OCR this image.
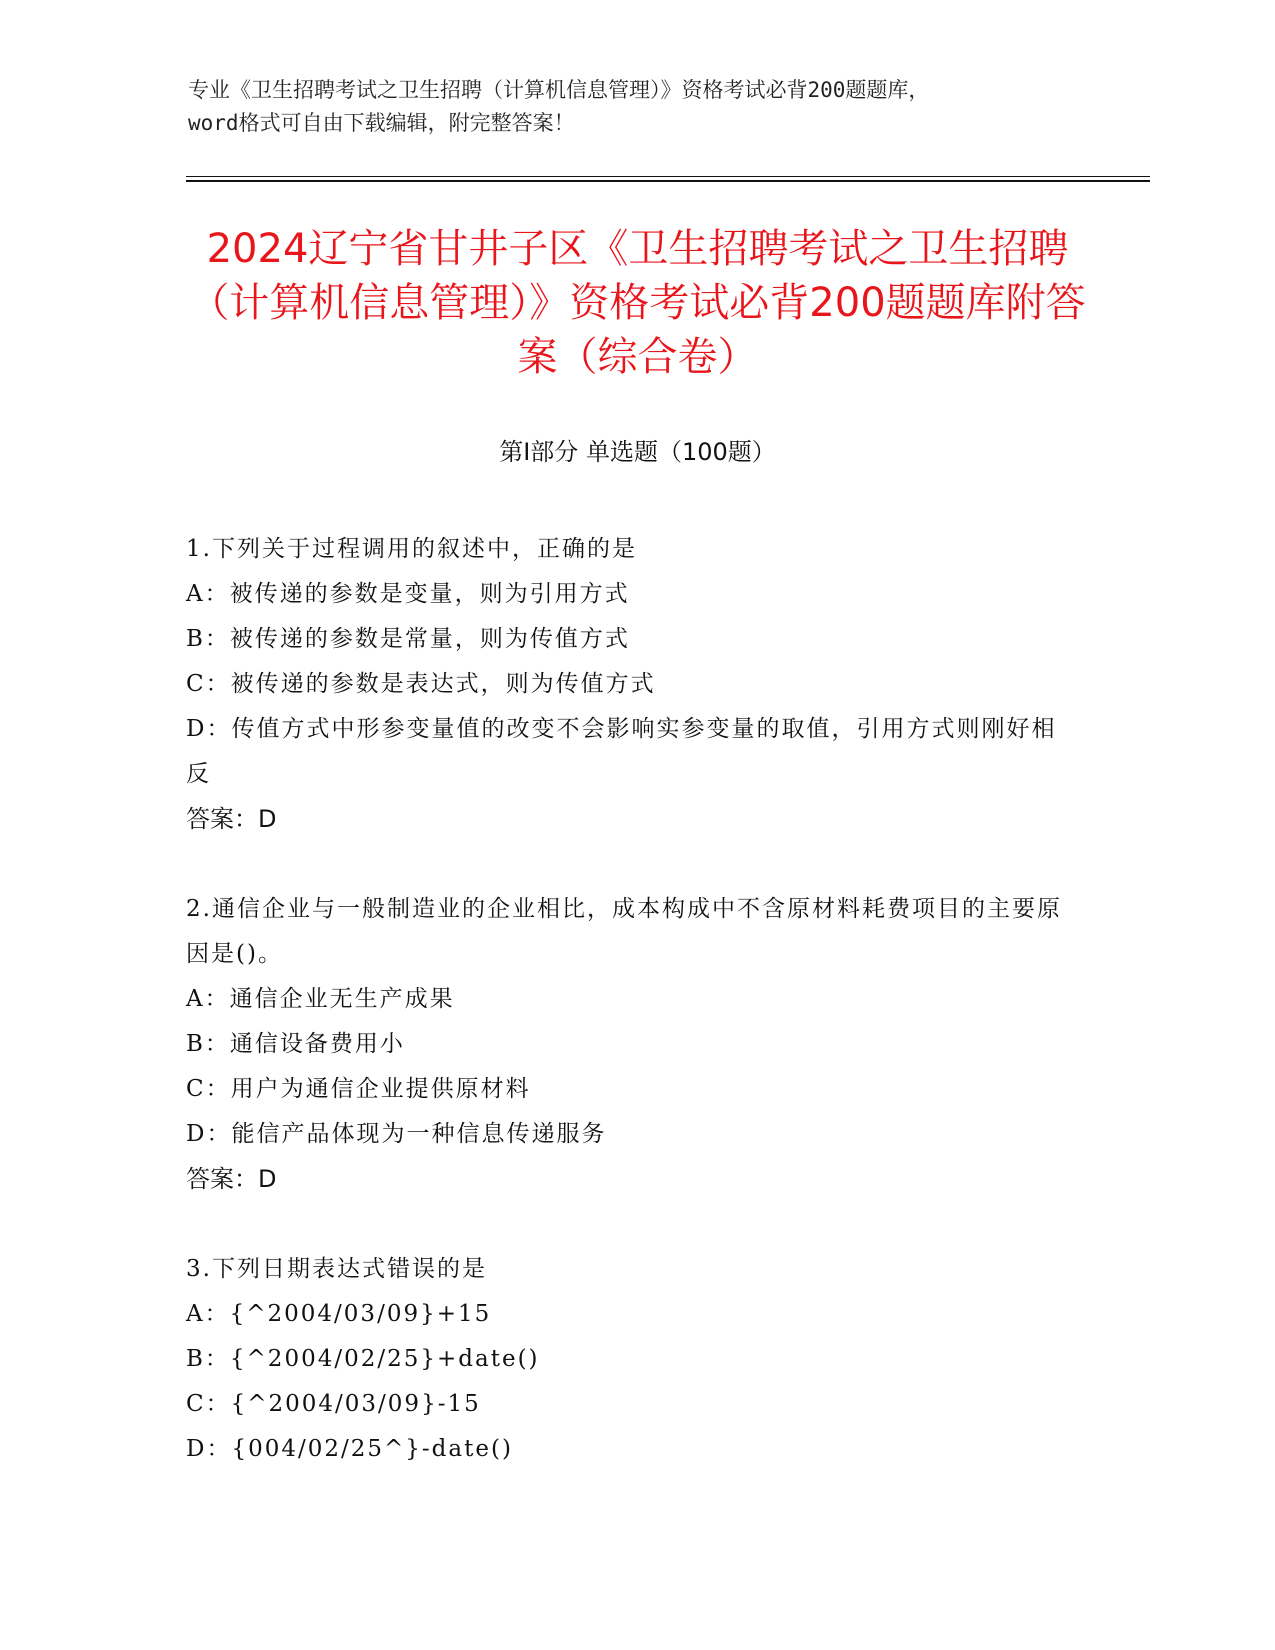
专业《卫生招聘考试之卫生招聘（计算机信息管理）》资格考试必背200题题库，
word格式可自由下载编辑，附完整答案！
2024辽宁省甘井子区《卫生招聘考试之卫生招聘（计算机信息管理）》资格考试必背200题题库附答案（综合卷）
第Ⅰ部分 单选题（100题）
1.下列关于过程调用的叙述中，正确的是
A：被传递的参数是变量，则为引用方式
B：被传递的参数是常量，则为传值方式
C：被传递的参数是表达式，则为传值方式
D：传值方式中形参变量值的改变不会影响实参变量的取值，引用方式则刚好相反
答案：D
2.通信企业与一般制造业的企业相比，成本构成中不含原材料耗费项目的主要原因是()。
A：通信企业无生产成果
B：通信设备费用小
C：用户为通信企业提供原材料
D：能信产品体现为一种信息传递服务
答案：D
3.下列日期表达式错误的是
A：{^2004/03/09}+15
B：{^2004/02/25}+date()
C：{^2004/03/09}-15
D：{004/02/25^}-date()
